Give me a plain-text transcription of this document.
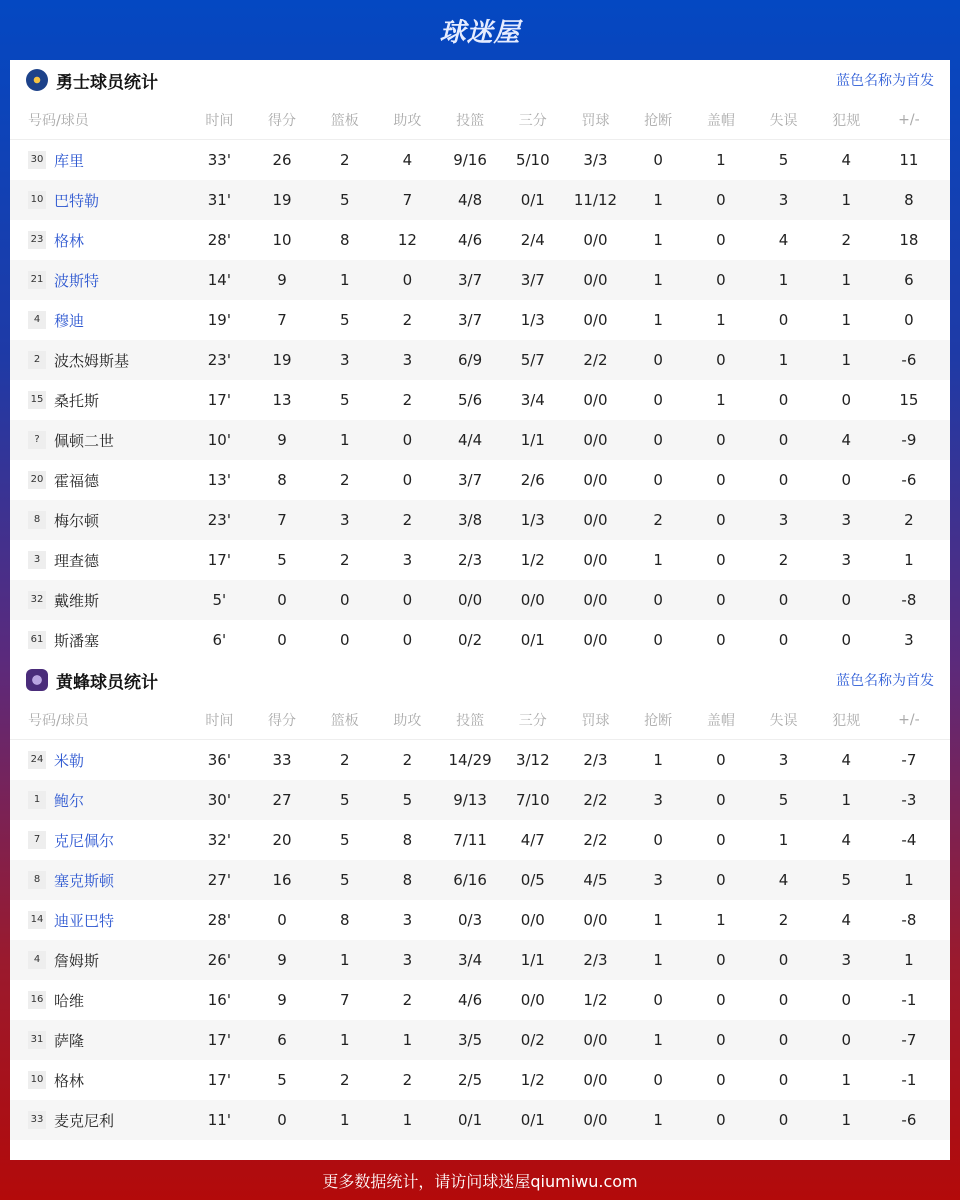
球迷屋
勇士球员统计	蓝色名称为首发
号码/球员	时间	得分	篮板	助攻	投篮	三分	罚球	抢断	盖帽	失误	犯规	+/-
30 库里	33'	26	2	4	9/16	5/10	3/3	0	1	5	4	11
10 巴特勒	31'	19	5	7	4/8	0/1	11/12	1	0	3	1	8
23 格林	28'	10	8	12	4/6	2/4	0/0	1	0	4	2	18
21 波斯特	14'	9	1	0	3/7	3/7	0/0	1	0	1	1	6
4 穆迪	19'	7	5	2	3/7	1/3	0/0	1	1	0	1	0
2 波杰姆斯基	23'	19	3	3	6/9	5/7	2/2	0	0	1	1	-6
15 桑托斯	17'	13	5	2	5/6	3/4	0/0	0	1	0	0	15
? 佩顿二世	10'	9	1	0	4/4	1/1	0/0	0	0	0	4	-9
20 霍福德	13'	8	2	0	3/7	2/6	0/0	0	0	0	0	-6
8 梅尔顿	23'	7	3	2	3/8	1/3	0/0	2	0	3	3	2
3 理查德	17'	5	2	3	2/3	1/2	0/0	1	0	2	3	1
32 戴维斯	5'	0	0	0	0/0	0/0	0/0	0	0	0	0	-8
61 斯潘塞	6'	0	0	0	0/2	0/1	0/0	0	0	0	0	3
黄蜂球员统计	蓝色名称为首发
号码/球员	时间	得分	篮板	助攻	投篮	三分	罚球	抢断	盖帽	失误	犯规	+/-
24 米勒	36'	33	2	2	14/29	3/12	2/3	1	0	3	4	-7
1 鲍尔	30'	27	5	5	9/13	7/10	2/2	3	0	5	1	-3
7 克尼佩尔	32'	20	5	8	7/11	4/7	2/2	0	0	1	4	-4
8 塞克斯顿	27'	16	5	8	6/16	0/5	4/5	3	0	4	5	1
14 迪亚巴特	28'	0	8	3	0/3	0/0	0/0	1	1	2	4	-8
4 詹姆斯	26'	9	1	3	3/4	1/1	2/3	1	0	0	3	1
16 哈维	16'	9	7	2	4/6	0/0	1/2	0	0	0	0	-1
31 萨隆	17'	6	1	1	3/5	0/2	0/0	1	0	0	0	-7
10 格林	17'	5	2	2	2/5	1/2	0/0	0	0	0	1	-1
33 麦克尼利	11'	0	1	1	0/1	0/1	0/0	1	0	0	1	-6
更多数据统计，请访问球迷屋qiumiwu.com
